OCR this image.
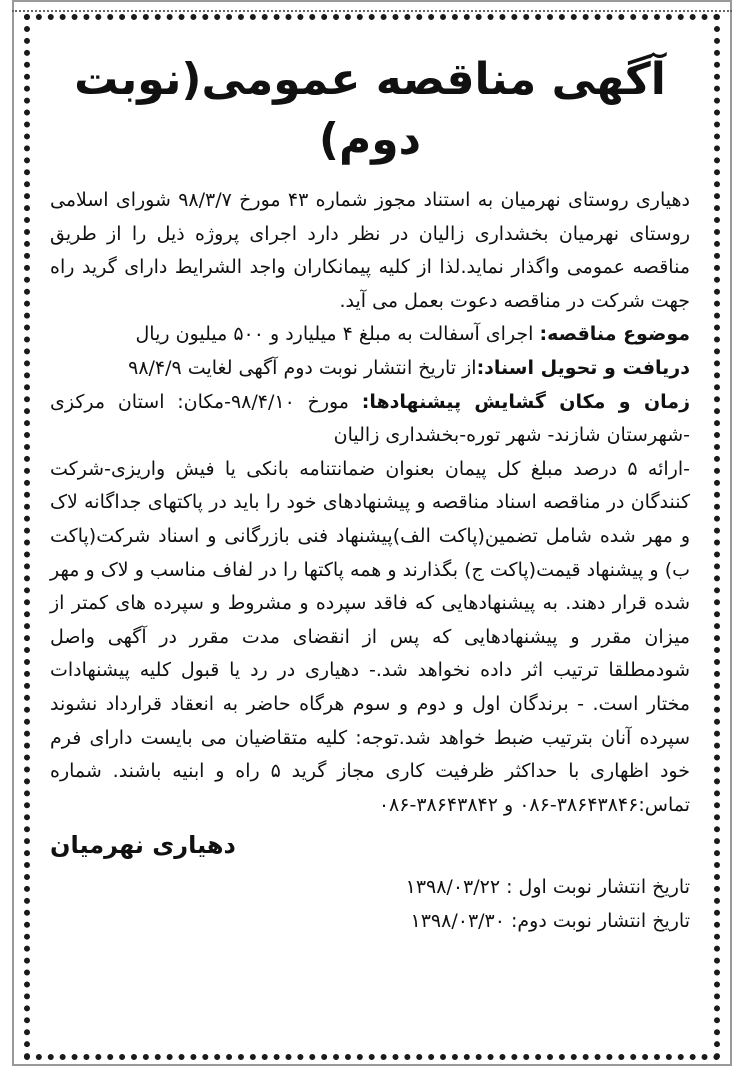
آگهی مناقصه عمومی(نوبت دوم)

دهیاری روستای نهرمیان به استناد مجوز شماره ۴۳ مورخ ۹۸/۳/۷ شورای اسلامی روستای نهرمیان بخشداری زالیان در نظر دارد اجرای پروژه ذیل را از طریق مناقصه عمومی واگذار نماید.لذا از کلیه پیمانکاران واجد الشرایط دارای گرید راه جهت شرکت در مناقصه دعوت بعمل می آید.

موضوع مناقصه: اجرای آسفالت به مبلغ ۴ میلیارد و ۵۰۰ میلیون ریال

دریافت و تحویل اسناد:از تاریخ انتشار نوبت دوم آگهی لغایت ۹۸/۴/۹

زمان و مکان گشایش پیشنهادها: مورخ ۹۸/۴/۱۰-مکان: استان مرکزی -شهرستان شازند- شهر توره-بخشداری زالیان

-ارائه ۵ درصد مبلغ کل پیمان بعنوان ضمانتنامه بانکی یا فیش واریزی-شرکت کنندگان در مناقصه اسناد مناقصه و پیشنهادهای خود را باید در پاکتهای جداگانه لاک و مهر شده شامل تضمین(پاکت الف)پیشنهاد فنی بازرگانی و اسناد شرکت(پاکت ب) و پیشنهاد قیمت(پاکت ج) بگذارند و همه پاکتها را در لفاف مناسب و لاک و مهر شده قرار دهند. به پیشنهادهایی که فاقد سپرده و مشروط و سپرده های کمتر از میزان مقرر و پیشنهادهایی که پس از انقضای مدت مقرر در آگهی واصل شودمطلقا ترتیب اثر داده نخواهد شد.- دهیاری در رد یا قبول کلیه پیشنهادات مختار است. - برندگان اول و دوم و سوم هرگاه حاضر به انعقاد قرارداد نشوند سپرده آنان بترتیب ضبط خواهد شد.توجه: کلیه متقاضیان می بایست دارای فرم خود اظهاری با حداکثر ظرفیت کاری مجاز گرید ۵ راه و ابنیه باشند. شماره تماس:۳۸۶۴۳۸۴۶-۰۸۶ و ۳۸۶۴۳۸۴۲-۰۸۶

دهیاری نهرمیان
تاریخ انتشار نوبت اول : ۱۳۹۸/۰۳/۲۲
تاریخ انتشار نوبت دوم: ۱۳۹۸/۰۳/۳۰
